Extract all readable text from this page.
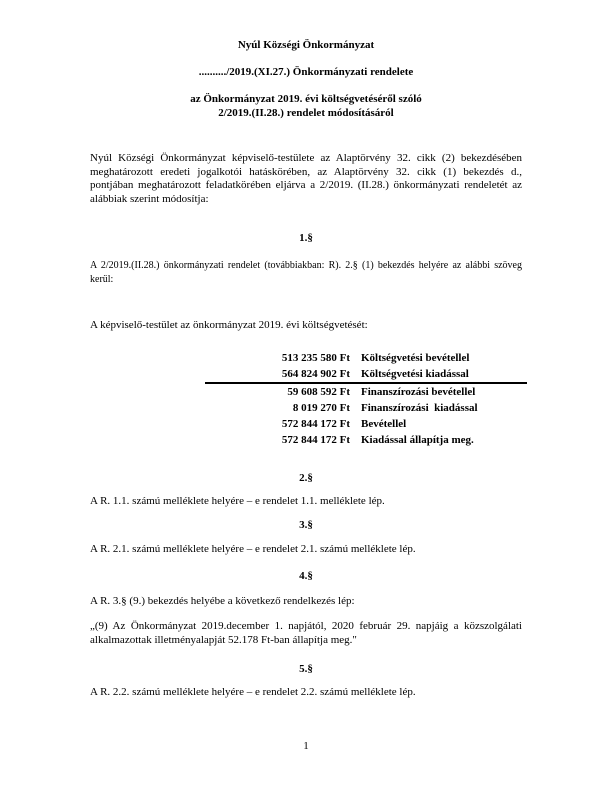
Nyúl Községi Önkormányzat
........../2019.(XI.27.) Önkormányzati rendelete
az Önkormányzat 2019. évi költségvetéséről szóló
2/2019.(II.28.) rendelet módosításáról
Nyúl Községi Önkormányzat képviselő-testülete az Alaptörvény 32. cikk (2) bekezdésében meghatározott eredeti jogalkotói hatáskörében, az Alaptörvény 32. cikk (1) bekezdés d., pontjában meghatározott feladatkörében eljárva a 2/2019. (II.28.) önkormányzati rendeletét az alábbiak szerint módosítja:
1.§
A 2/2019.(II.28.) önkormányzati rendelet (továbbiakban: R). 2.§ (1) bekezdés helyére az alábbi szöveg kerül:
A képviselő-testület az önkormányzat 2019. évi költségvetését:
513 235 580 Ft	Költségvetési bevétellel
564 824 902 Ft	Költségvetési kiadással
59 608 592 Ft	Finanszírozási bevétellel
8 019 270 Ft	Finanszírozási  kiadással
572 844 172 Ft	Bevétellel
572 844 172 Ft	Kiadással állapítja meg.
2.§
A R. 1.1. számú melléklete helyére – e rendelet 1.1. melléklete lép.
3.§
A R. 2.1. számú melléklete helyére – e rendelet 2.1. számú melléklete lép.
4.§
A R. 3.§ (9.) bekezdés helyébe a következő rendelkezés lép:
„(9) Az Önkormányzat 2019.december 1. napjától, 2020 február 29. napjáig a közszolgálati alkalmazottak illetményalapját 52.178 Ft-ban állapítja meg."
5.§
A R. 2.2. számú melléklete helyére – e rendelet 2.2. számú melléklete lép.
1
